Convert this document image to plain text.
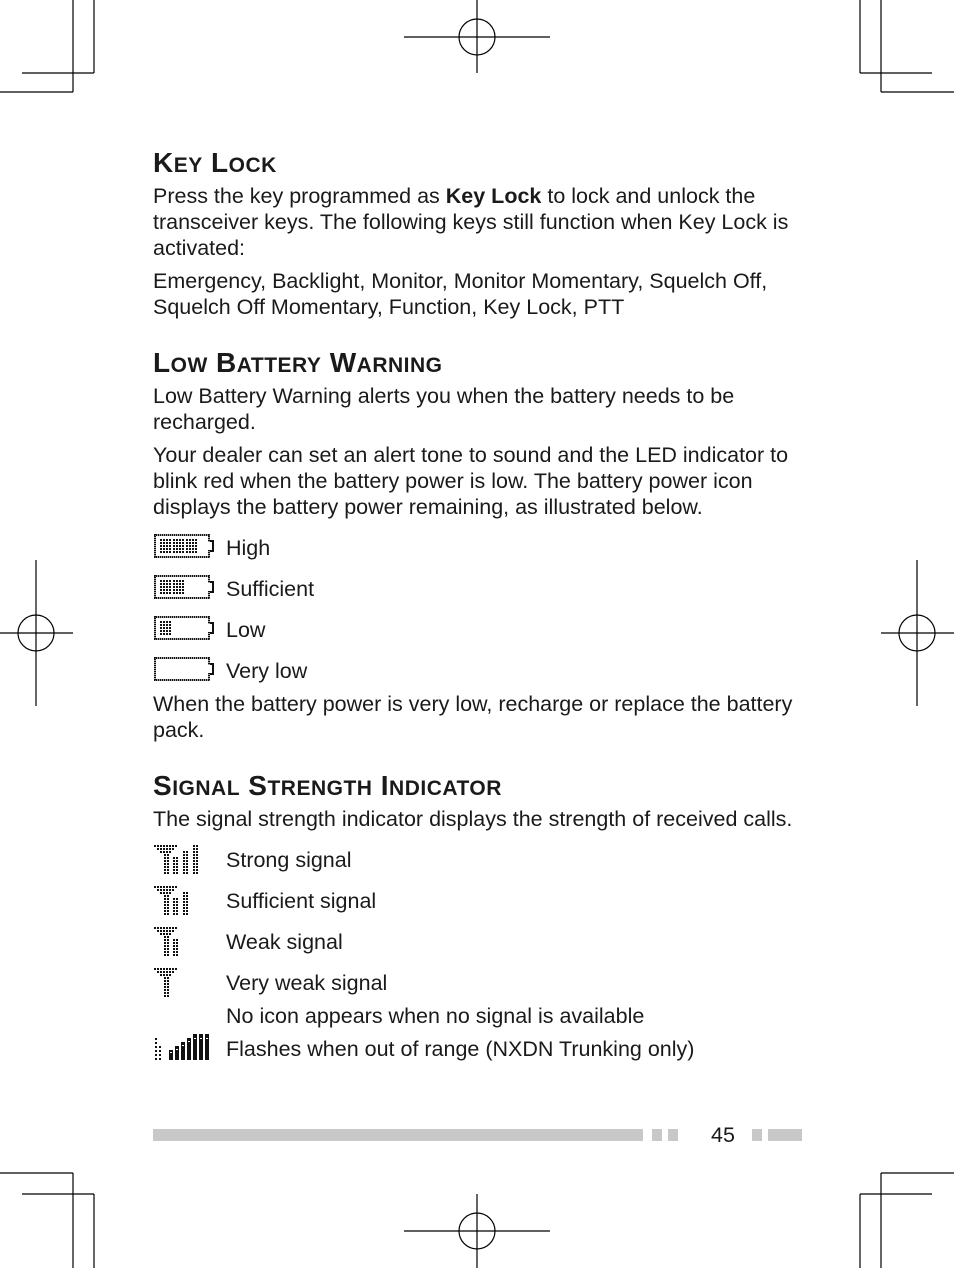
KEY LOCK

Press the key programmed as Key Lock to lock and unlock the transceiver keys. The following keys still function when Key Lock is activated:

Emergency, Backlight, Monitor, Monitor Momentary, Squelch Off, Squelch Off Momentary, Function, Key Lock, PTT

LOW BATTERY WARNING

Low Battery Warning alerts you when the battery needs to be recharged.

Your dealer can set an alert tone to sound and the LED indicator to blink red when the battery power is low. The battery power icon displays the battery power remaining, as illustrated below.

High
Sufficient
Low
Very low

When the battery power is very low, recharge or replace the battery pack.

SIGNAL STRENGTH INDICATOR

The signal strength indicator displays the strength of received calls.

Strong signal
Sufficient signal
Weak signal
Very weak signal
No icon appears when no signal is available
Flashes when out of range (NXDN Trunking only)
45
